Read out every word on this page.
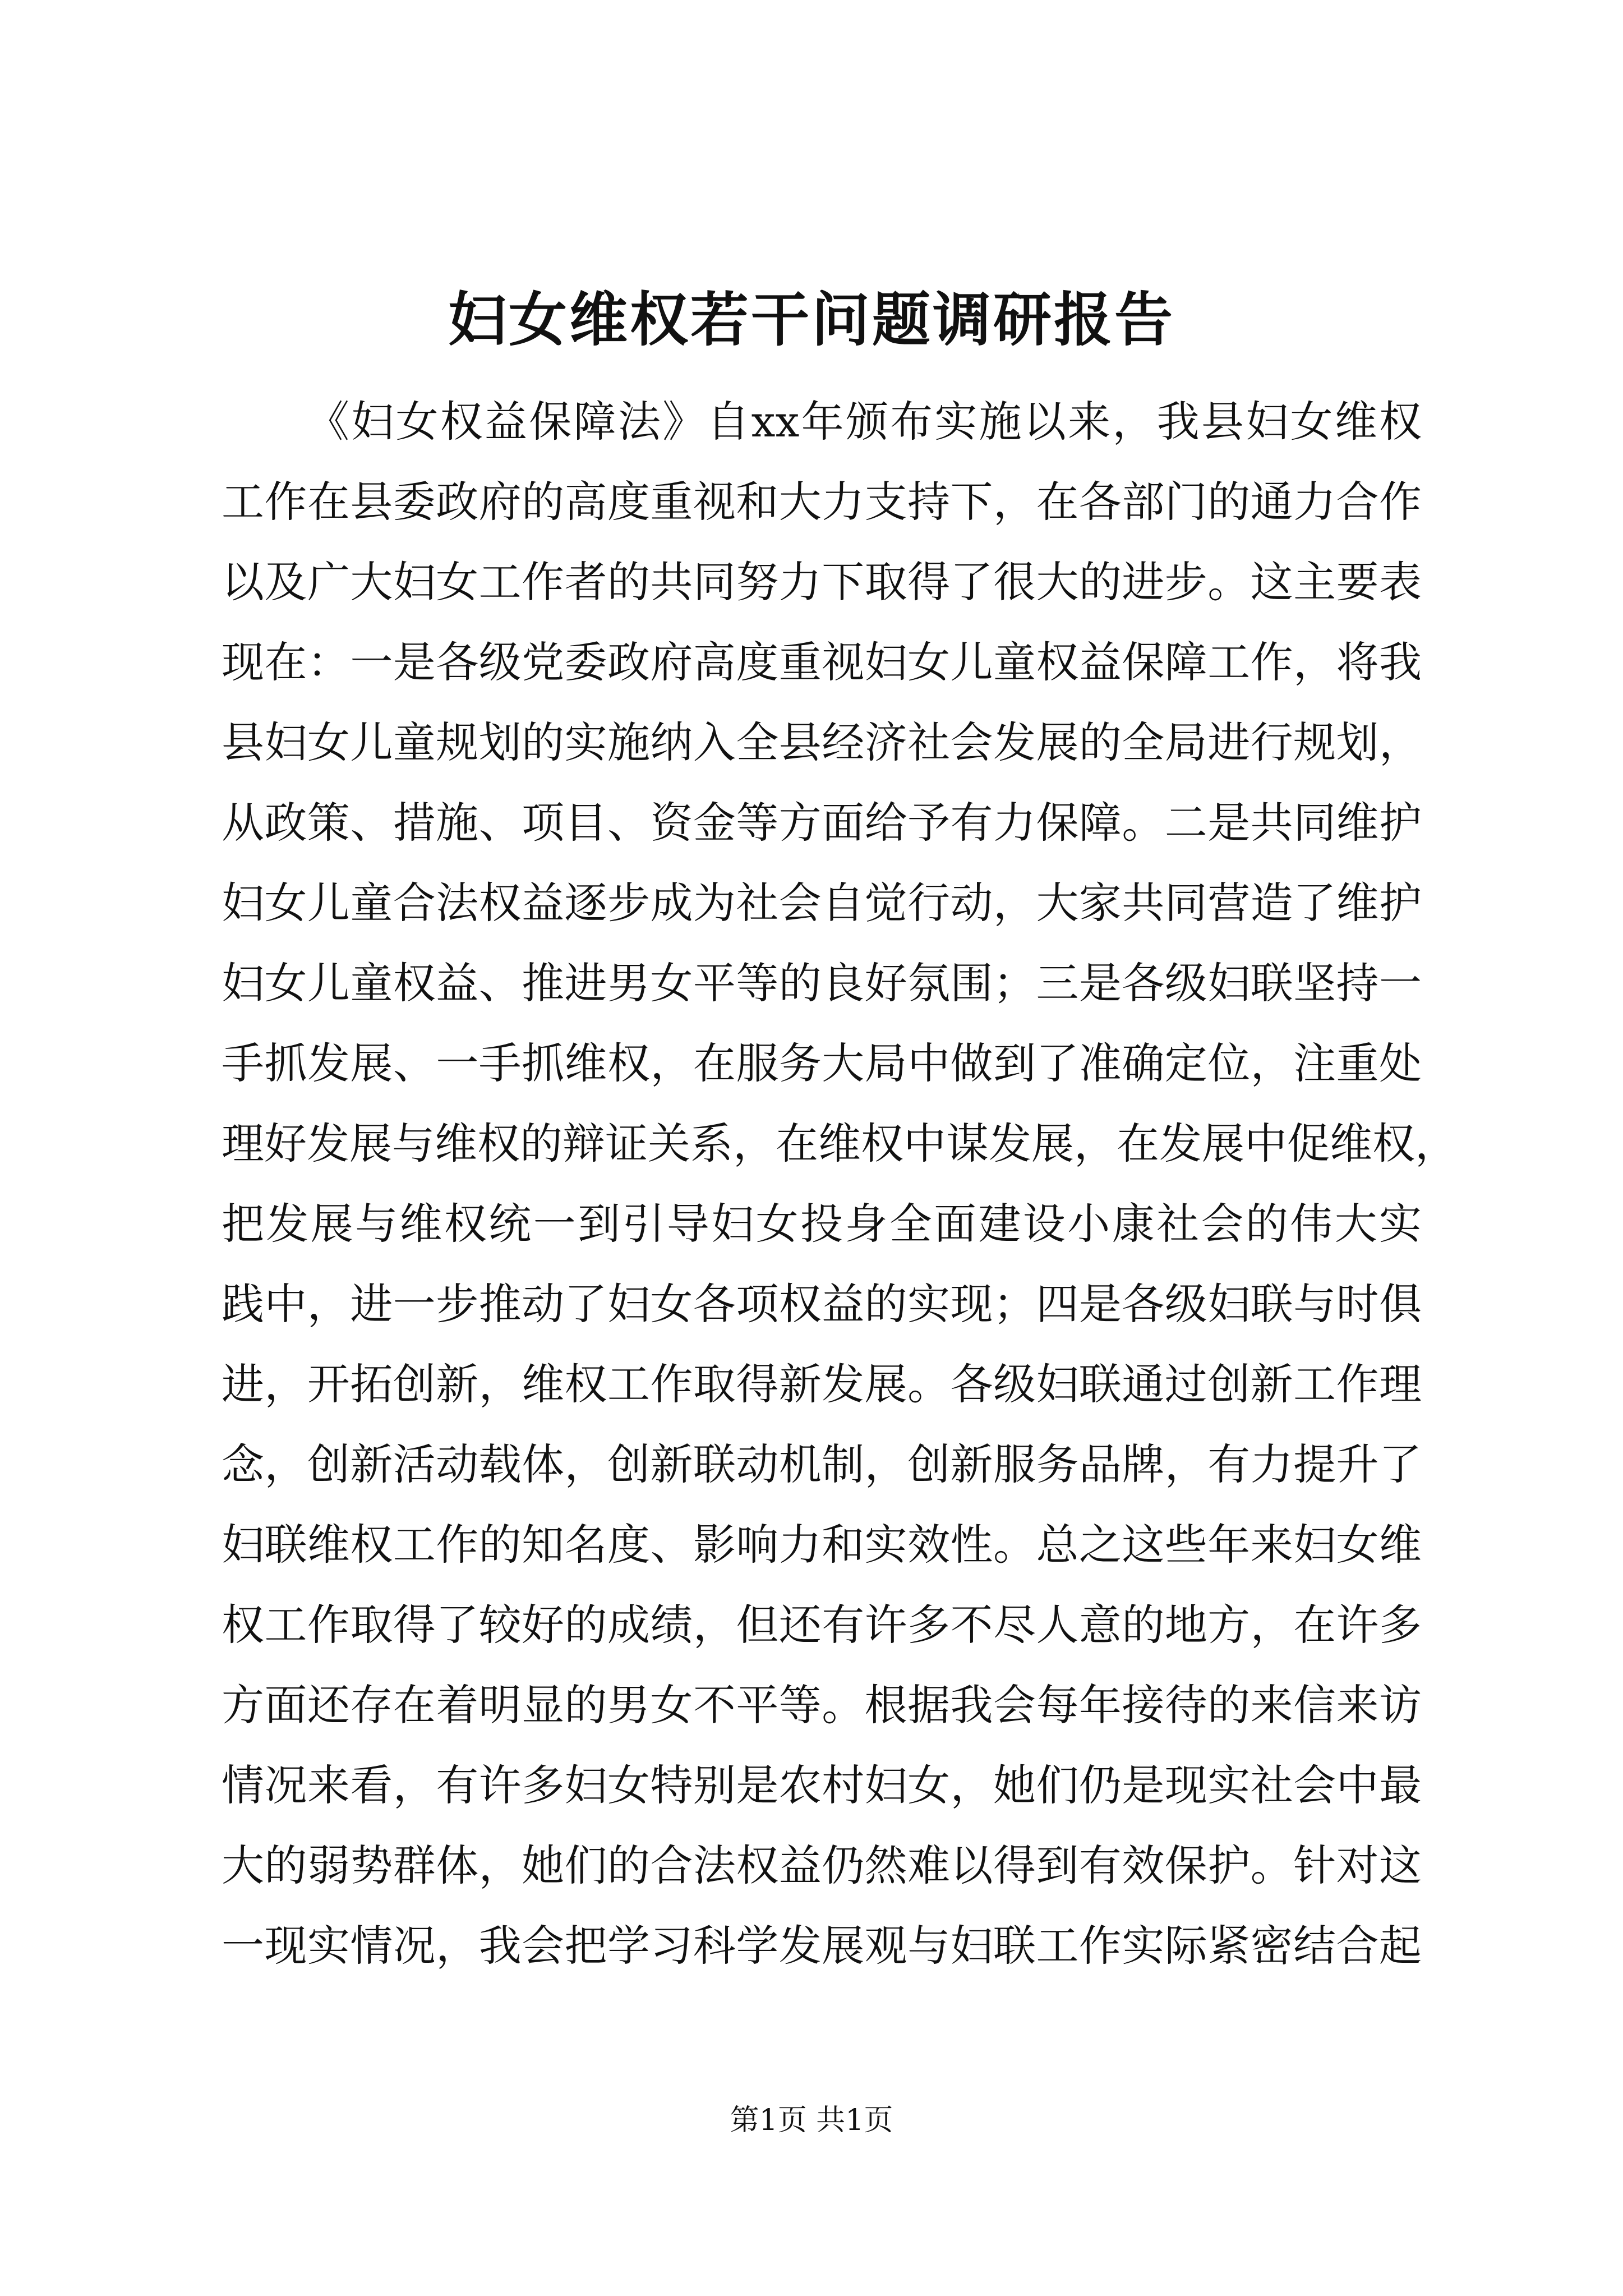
妇女维权若干问题调研报告
《妇女权益保障法》自xx年颁布实施以来，我县妇女维权
工作在县委政府的高度重视和大力支持下，在各部门的通力合作
以及广大妇女工作者的共同努力下取得了很大的进步。这主要表
现在：一是各级党委政府高度重视妇女儿童权益保障工作，将我
县妇女儿童规划的实施纳入全县经济社会发展的全局进行规划，
从政策、措施、项目、资金等方面给予有力保障。二是共同维护
妇女儿童合法权益逐步成为社会自觉行动，大家共同营造了维护
妇女儿童权益、推进男女平等的良好氛围；三是各级妇联坚持一
手抓发展、一手抓维权，在服务大局中做到了准确定位，注重处
理好发展与维权的辩证关系，在维权中谋发展，在发展中促维权，
把发展与维权统一到引导妇女投身全面建设小康社会的伟大实
践中，进一步推动了妇女各项权益的实现；四是各级妇联与时俱
进，开拓创新，维权工作取得新发展。各级妇联通过创新工作理
念，创新活动载体，创新联动机制，创新服务品牌，有力提升了
妇联维权工作的知名度、影响力和实效性。总之这些年来妇女维
权工作取得了较好的成绩，但还有许多不尽人意的地方，在许多
方面还存在着明显的男女不平等。根据我会每年接待的来信来访
情况来看，有许多妇女特别是农村妇女，她们仍是现实社会中最
大的弱势群体，她们的合法权益仍然难以得到有效保护。针对这
一现实情况，我会把学习科学发展观与妇联工作实际紧密结合起
第1页 共1页
